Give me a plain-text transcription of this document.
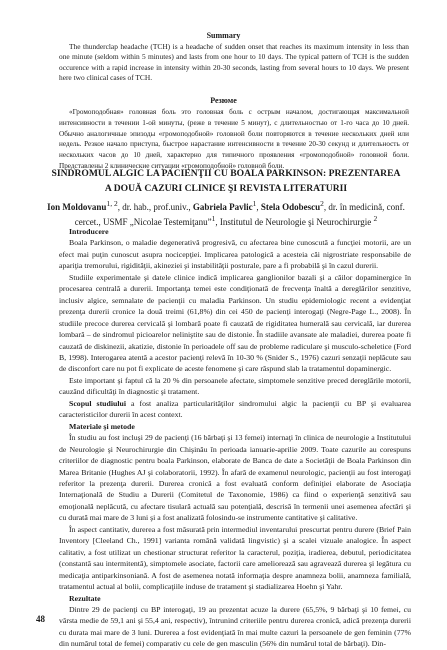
Summary
The thunderclap headache (TCH) is a headache of sudden onset that reaches its maximum intensity in less than one minute (seldom within 5 minutes) and lasts from one hour to 10 days. The typical pattern of TCH is the sudden occurence with a rapid increase in intensity within 20-30 seconds, lasting from several hours to 10 days. We present here two clinical cases of TCH.
Резюме
«Громоподобная» головная боль это головная боль с острым началом, достигающая максимальной интенсивности в течении 1-ой минуты, (реже в течение 5 минут), с длительностью от 1-го часа до 10 дней. Обычно аналогичные эпизоды «громоподобной» головной боли повторяются в течение нескольких дней или недель. Резкое начало приступа, быстрое нарастание интенсивности в течение 20-30 секунд и длительность от нескольких часов до 10 дней, характерно для типичного проявления «громоподобной» головной боли. Представлены 2 клинические ситуации «громоподобной» головной боли.
SINDROMUL ALGIC LA PACIENŢII CU BOALA PARKINSON: PREZENTAREA A DOUĂ CAZURI CLINICE ŞI REVISTA LITERATURII
Ion Moldovanu$^{1, 2}$, dr. hab., prof.univ., Gabriela Pavlic$^1$, Stela Odobescu$^2$, dr. în medicină, conf. cercet., USMF „Nicolae Testemiţanu”$^1$, Institutul de Neurologie şi Neurochirurgie $^2$

Introducere

Boala Parkinson, o maladie degenerativă progresivă, cu afectarea bine cunoscută a funcţiei motorii, are un efect mai puţin cunoscut asupra nocicepţiei. Implicarea patologică a acesteia căi nigrostriate responsabile de apariţia tremorului, rigidităţii, akineziei şi instabilităţii posturale, pare a fi probabilă şi în cazul durerii.

Studiile experimentale şi datele clinice indică implicarea ganglionilor bazali şi a căilor dopaminergice în procesarea centrală a durerii. Importanţa temei este condiţionată de frecvenţa înaltă a dereglărilor senzitive, inclusiv algice, semnalate de pacienţii cu maladia Parkinson. Un studiu epidemiologic recent a evidenţiat prezenţa durerii cronice la două treimi (61,8%) din cei 450 de pacienţi interogaţi (Negre-Page L., 2008). În studiile precoce durerea cervicală şi lombară poate fi cauzată de rigiditatea humerală sau cervicală, iar durerea lombară – de sindromul picioarelor neliniştite sau de distonie. În stadiile avansate ale maladiei, durerea poate fi cauzată de diskinezii, akatizie, distonie în perioadele off sau de probleme radiculare şi musculo-scheletice (Ford B, 1998). Interogarea atentă a acestor pacienţi relevă în 10-30 % (Snider S., 1976) cazuri senzaţii neplăcute sau de disconfort care nu pot fi explicate de aceste fenomene şi care răspund slab la tratamentul dopaminergic.

Este important şi faptul că la 20 % din persoanele afectate, simptomele senzitive preced dereglările motorii, cauzând dificultăţi în diagnostic şi tratament.

Scopul studiului a fost analiza particularităţilor sindromului algic la pacienţii cu BP şi evaluarea caracteristicilor durerii în acest context.

Materiale şi metode

În studiu au fost incluşi 29 de pacienţi (16 bărbaţi şi 13 femei) internaţi în clinica de neurologie a Institutului de Neurologie şi Neurochirurgie din Chişinău în perioada ianuarie-aprilie 2009. Toate cazurile au corespuns criteriilor de diagnostic pentru boala Parkinson, elaborate de Banca de date a Societăţii de Boala Parkinson din Marea Britanie (Hughes AJ şi colaboratorii, 1992). În afară de examenul neurologic, pacienţii au fost interogaţi referitor la prezenţa durerii. Durerea cronică a fost evaluată conform definiţiei elaborate de Asociaţia Internaţională de Studiu a Durerii (Comitetul de Taxonomie, 1986) ca fiind o experienţă senzitivă sau emoţională neplăcută, cu afectare tisulară actuală sau potenţială, descrisă în termenii unei asemenea afectări şi cu durată mai mare de 3 luni şi a fost analizată folosindu-se instrumente cantitative şi calitative.

În aspect cantitativ, durerea a fost măsurată prin intermediul inventarului prescurtat pentru durere (Brief Pain Inventory [Cleeland Ch., 1991] varianta română validată lingvistic) şi a scalei vizuale analogice. În aspect calitativ, a fost utilizat un chestionar structurat referitor la caracterul, poziţia, iradierea, debutul, periodicitatea (constantă sau intermitentă), simptomele asociate, factorii care ameliorează sau agravează durerea şi legătura cu medicaţia antiparkinsoniană. A fost de asemenea notată informaţia despre anamneza bolii, anamneza familială, tratamentul actual al bolii, complicaţiile induse de tratament şi stadializarea Hoehn şi Yahr.

Rezultate

Dintre 29 de pacienţi cu BP interogaţi, 19 au prezentat acuze la durere (65,5%, 9 bărbaţi şi 10 femei, cu vârsta medie de 59,1 ani şi 55,4 ani, respectiv), întrunind criteriile pentru durerea cronică, adică prezenţa durerii cu durata mai mare de 3 luni. Durerea a fost evidenţiată în mai multe cazuri la persoanele de gen feminin (77% din numărul total de femei) comparativ cu cele de gen masculin (56% din numărul total de bărbaţi). Din-

48
